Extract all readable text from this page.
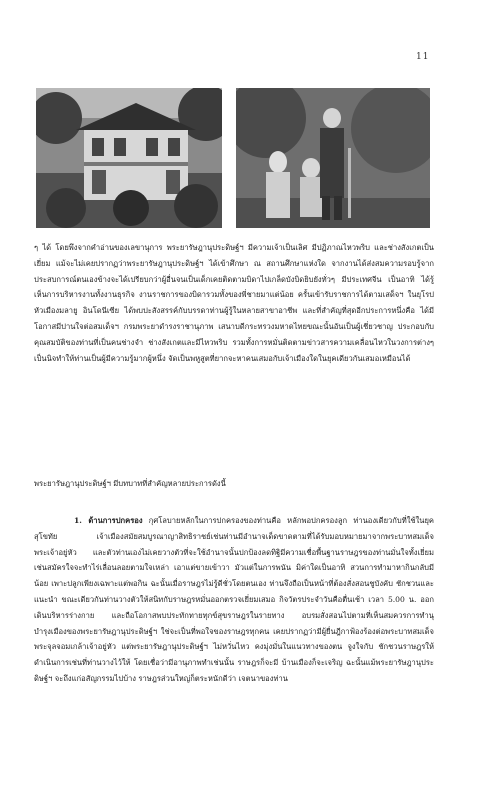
11

ๆ ได้ โดยพึงจากคำอ่านของเลขานุการ พระยารัษฎานุประดิษฐ์ฯ มีความเจ้าเป็นเลิศ มีปฏิภาณไหวพริบ และช่างสังเกตเป็นเยี่ยม แม้จะไม่เคยปรากฏว่าพระยารัษฎานุประดิษฐ์ฯ ได้เข้าศึกษา ณ สถานศึกษาแห่งใด จากงานได้ส่งสมความรอบรู้จากประสบการณ์ตนเองข้างจะได้เปรียบกว่าผู้อื่นจนเป็นเด็กเคยติดตามบิดาไปเกล็ดบังบิดยิบยังทั่วๆ มีประเทศจีน เป็นอาทิ ได้รู้เห็นการบริหารงานทั้งงานธุรกิจ งานราชการของบิดารวมทั้งของพี่ชายมาแต่น้อย ครั้นเข้ารับราชการได้ตามเสด็จฯ ในยุโรป หัวเมืองมลายู อินโดนีเซีย ได้พบปะสังสรรค์กับบรรดาท่านผู้รู้ในหลายสาขาอาชีพ และที่สำคัญที่สุดอีกประการหนึ่งคือ ได้มีโอกาสมีปานใจต่อสมเด็จฯ กรมพระยาดำรงราชานุภาพ เสนาบดีกระทรวงมหาดไทยขณะนั้นอันเป็นผู้เชี่ยวชาญ ประกอบกับคุณสมบัติของท่านที่เป็นคนช่างจำ ช่างสังเกตและมีไหวพริบ รวมทั้งการหมั่นติดตามข่าวสารความเคลื่อนไหวในวงการต่างๆ เป็นนิจทำให้ท่านเป็นผู้มีความรู้มากผู้หนึ่ง จัดเป็นพหูสูตที่ยากจะหาคนเสมอกับเจ้าเมืองใดในยุคเดียวกันเสมอเหมือนได้

พระยารัษฎานุประดิษฐ์ฯ มีบทบาทที่สำคัญหลายประการดังนี้

1. ด้านการปกครอง กุศโลบายหลักในการปกครองของท่านคือ หลักพอปกครองลูก ท่านองเดียวกับที่ใช้ในยุคสุโขทัย เจ้าเมืองสมัยสมบูรณาญาสิทธิราชย์เช่นท่านมีอำนาจเด็ดขาดตามที่ได้รับมอบหมายมาจากพระบาทสมเด็จพระเจ้าอยู่หัว และตัวท่านเองไม่เคยวางตัวที่จะใช้อำนาจนั้นปกป้องลดทิฐิมีความเชื่อพื้นฐานราษฎรของท่านมั่นใจทั้งเยี่ยม เช่นสมัครใจจะทำไร่เลื่อนลอยตามใจเหล่า เอาแต่ขายเข้าวา มัวแต่ในการพนัน มิค่าใดเป็นอาทิ สวนการทำมาหากินกลับมีน้อย เพาะปลูกเพียงเฉพาะแต่พอกิน ฉะนั้นเมื่อราษฎรไม่รู้ดีชั่วโดยตนเอง ท่านจึงถือเป็นหน้าที่ต้องสั่งสอนชูบังคับ ชักชวนและแนะนำ ขณะเดียวกันท่านวางตัวให้สนิทกับราษฎรหมั่นออกตรวจเยี่ยมเสมอ กิจวัตรประจำวันคือตื่นเช้า เวลา 5.00 น. ออกเดินบริหารร่างกาย และถือโอกาสพบประทักทายทุกข์สุขราษฎรในรายทาง อบรมสั่งสอนไปตามที่เห็นสมควรการทำนุบำรุงเมืองของพระยารัษฎานุประดิษฐ์ฯ ใช่จะเป็นที่พอใจของราษฎรทุกคน เคยปรากฏว่ามีผู้ยื่นฎีกาฟ้องร้องต่อพระบาทสมเด็จพระจุลจอมเกล้าเจ้าอยู่หัว แต่พระยารัษฎานุประดิษฐ์ฯ ไม่หวั่นไหว คงมุ่งมั่นในแนวทางของตน จูงใจกับ ชักชวนราษฎรให้ดำเนินการเช่นที่ท่านวางไว้ให้ โดยเชื่อว่ามีอานุภาพทำเช่นนั้น ราษฎรก็จะมี บ้านเมืองก็จะเจริญ ฉะนั้นแม้พระยารัษฎานุประดิษฐ์ฯ จะถึงแก่อสัญกรรมไปบ้าง ราษฎรส่วนใหญ่ก็ตระหนักดีว่า เจตนาของท่าน
